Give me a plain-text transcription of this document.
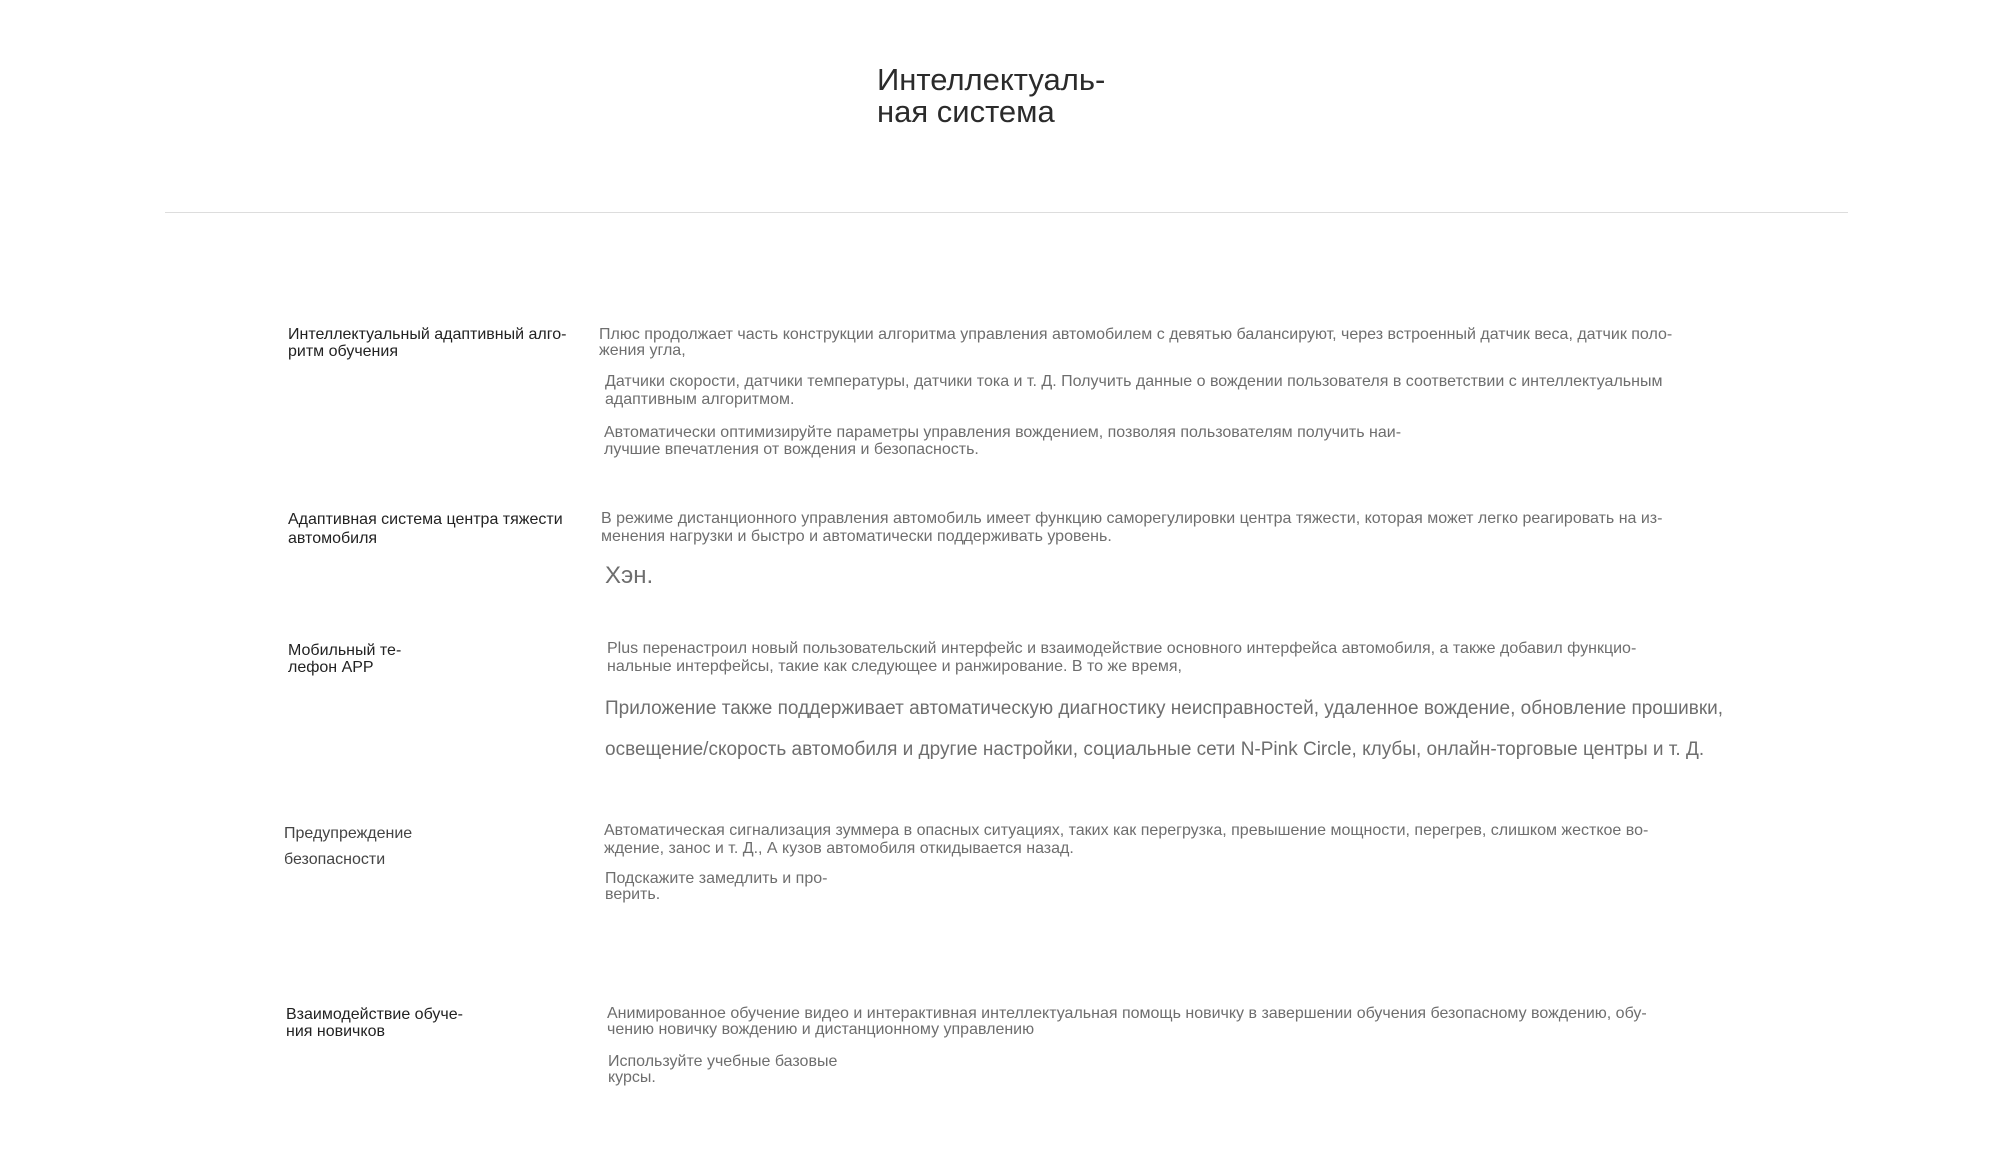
Интеллектуаль-
ная система

Интеллектуальный адаптивный алго-
ритм обучения

Плюс продолжает часть конструкции алгоритма управления автомобилем с девятью балансируют, через встроенный датчик веса, датчик поло-
жения угла,

Датчики скорости, датчики температуры, датчики тока и т. Д. Получить данные о вождении пользователя в соответствии с интеллектуальным
адаптивным алгоритмом.

Автоматически оптимизируйте параметры управления вождением, позволяя пользователям получить наи-
лучшие впечатления от вождения и безопасность.

Адаптивная система центра тяжести
автомобиля

В режиме дистанционного управления автомобиль имеет функцию саморегулировки центра тяжести, которая может легко реагировать на из-
менения нагрузки и быстро и автоматически поддерживать уровень.

Хэн.

Мобильный те-
лефон APP

Plus перенастроил новый пользовательский интерфейс и взаимодействие основного интерфейса автомобиля, а также добавил функцио-
нальные интерфейсы, такие как следующее и ранжирование. В то же время,

Приложение также поддерживает автоматическую диагностику неисправностей, удаленное вождение, обновление прошивки,

освещение/скорость автомобиля и другие настройки, социальные сети N-Pink Circle, клубы, онлайн-торговые центры и т. Д.

Предупреждение
безопасности

Автоматическая сигнализация зуммера в опасных ситуациях, таких как перегрузка, превышение мощности, перегрев, слишком жесткое во-
ждение, занос и т. Д., А кузов автомобиля откидывается назад.

Подскажите замедлить и про-
верить.

Взаимодействие обуче-
ния новичков

Анимированное обучение видео и интерактивная интеллектуальная помощь новичку в завершении обучения безопасному вождению, обу-
чению новичку вождению и дистанционному управлению

Используйте учебные базовые
курсы.
